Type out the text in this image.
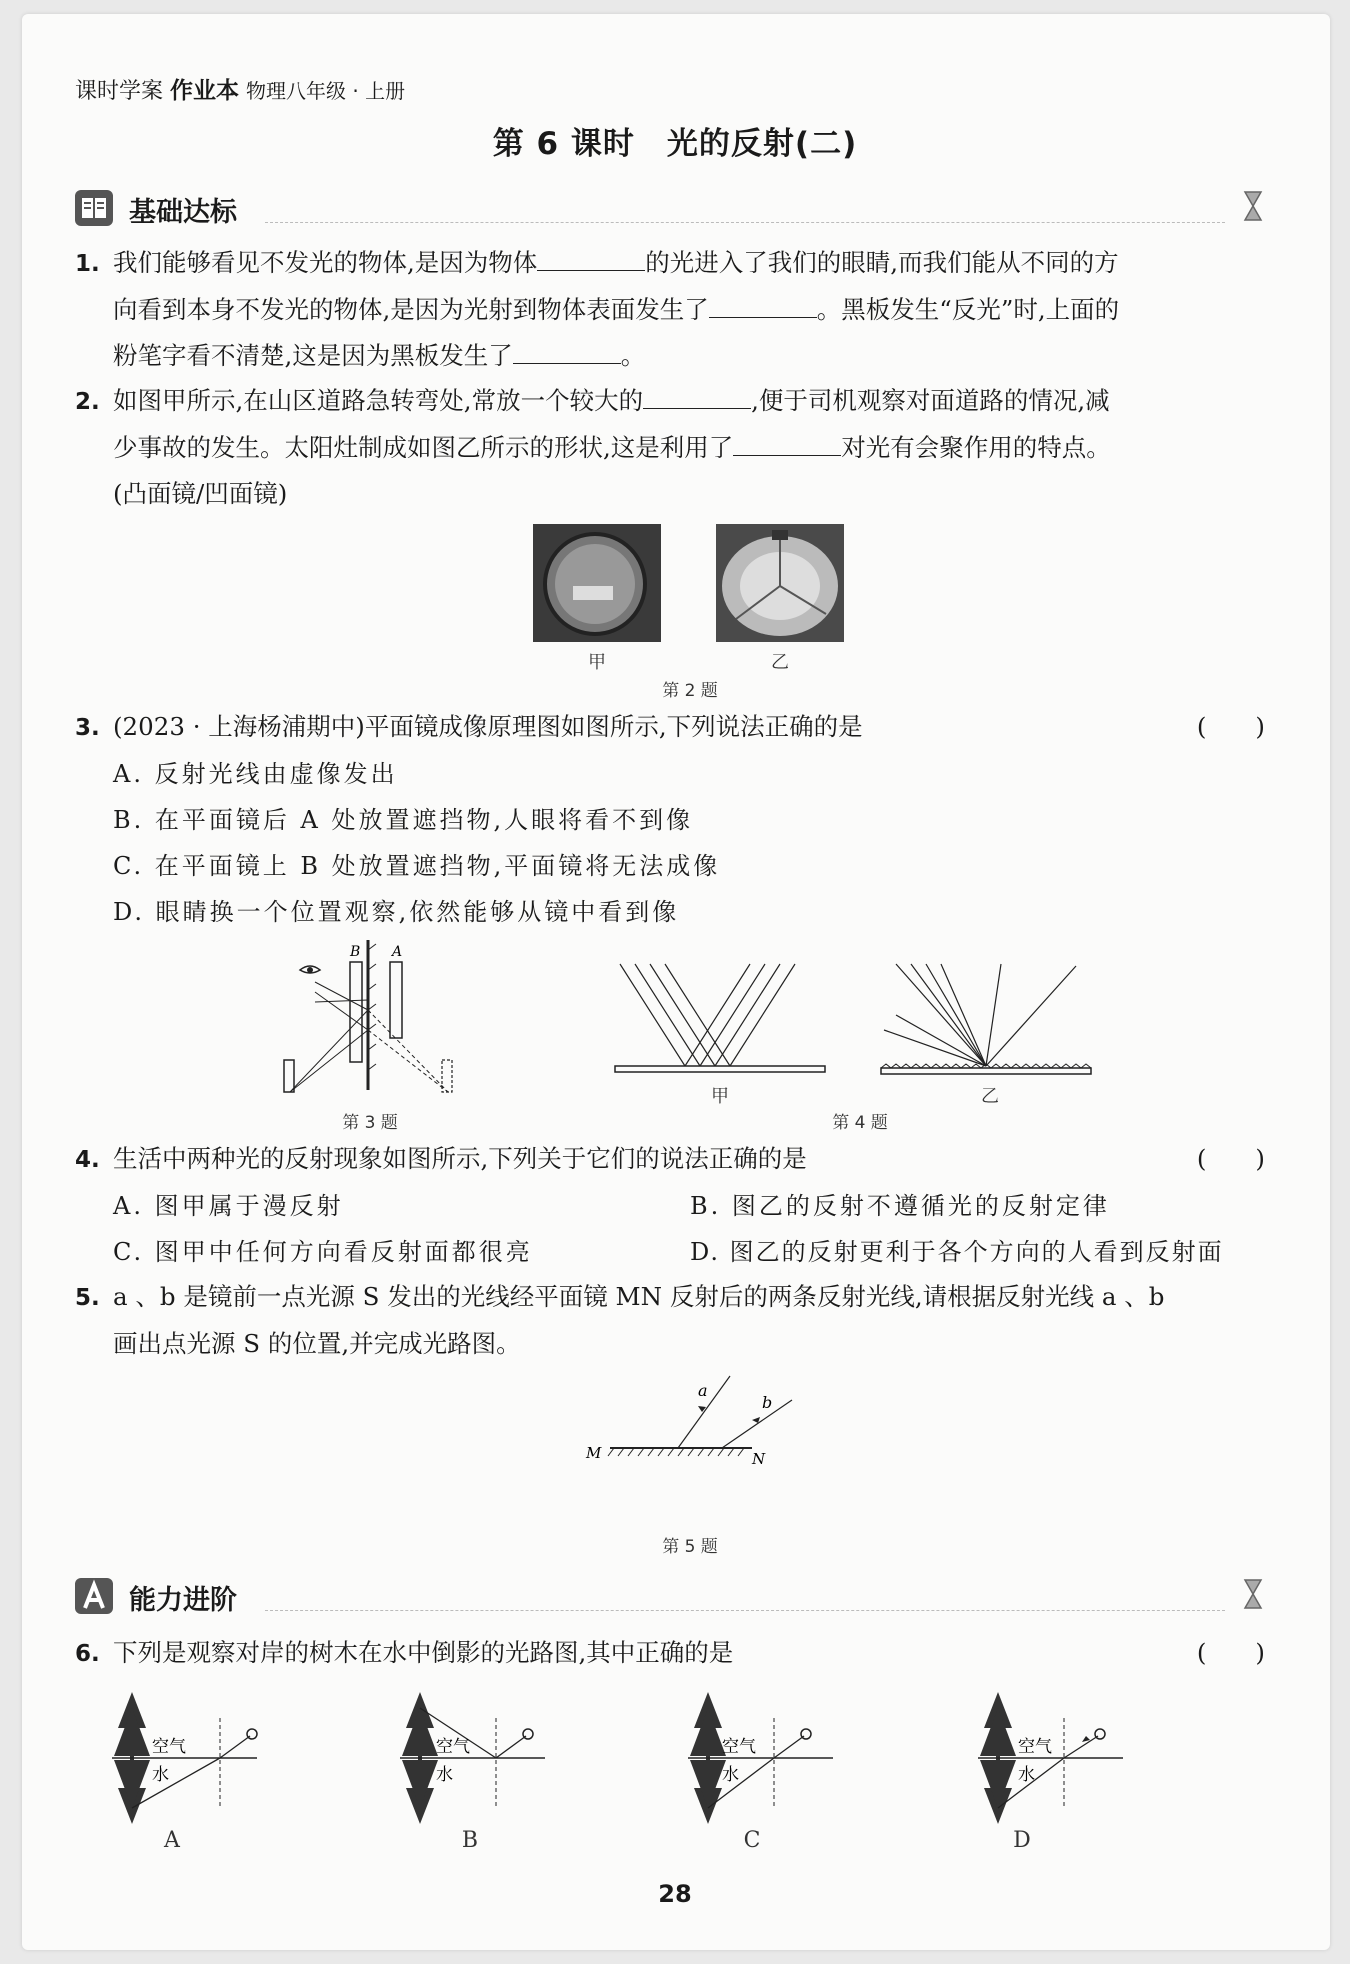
课时学案 作业本 物理八年级 · 上册
第 6 课时　光的反射(二)
基础达标
1. 我们能够看见不发光的物体,是因为物体	的光进入了我们的眼睛,而我们能从不同的方
向看到本身不发光的物体,是因为光射到物体表面发生了	。黑板发生“反光”时,上面的
粉笔字看不清楚,这是因为黑板发生了	。
2. 如图甲所示,在山区道路急转弯处,常放一个较大的	,便于司机观察对面道路的情况,减
少事故的发生。太阳灶制成如图乙所示的形状,这是利用了	对光有会聚作用的特点。
(凸面镜/凹面镜)
甲	乙
第 2 题
3. (2023 · 上海杨浦期中)平面镜成像原理图如图所示,下列说法正确的是	(　　)
A. 反射光线由虚像发出
B. 在平面镜后 A 处放置遮挡物,人眼将看不到像
C. 在平面镜上 B 处放置遮挡物,平面镜将无法成像
D. 眼睛换一个位置观察,依然能够从镜中看到像
B A
第 3 题
甲	乙
第 4 题
4. 生活中两种光的反射现象如图所示,下列关于它们的说法正确的是	(　　)
A. 图甲属于漫反射	B. 图乙的反射不遵循光的反射定律
C. 图甲中任何方向看反射面都很亮	D. 图乙的反射更利于各个方向的人看到反射面
5. a 、b 是镜前一点光源 S 发出的光线经平面镜 MN 反射后的两条反射光线,请根据反射光线 a 、b
画出点光源 S 的位置,并完成光路图。
a
b
M	N
第 5 题
能力进阶
6. 下列是观察对岸的树木在水中倒影的光路图,其中正确的是	(　　)
空气
水
A
空气
水
B
空气
水
C
空气
水
D
28
